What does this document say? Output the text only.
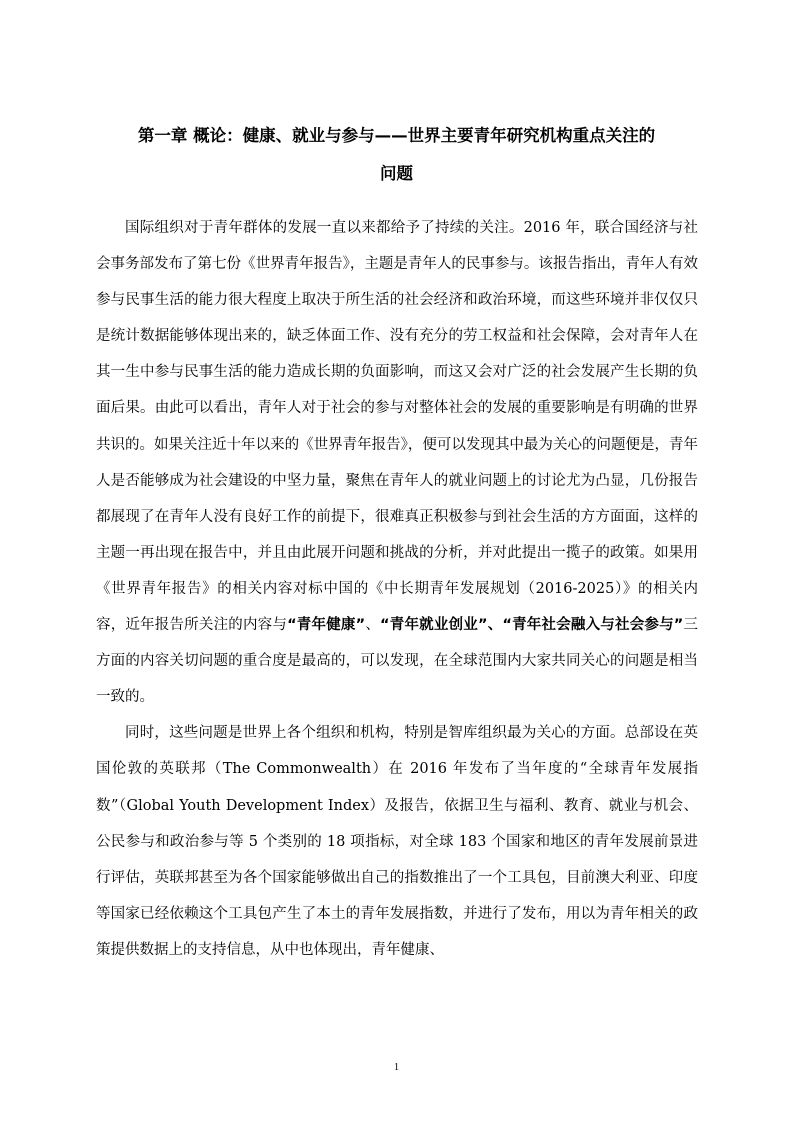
第一章 概论：健康、就业与参与——世界主要青年研究机构重点关注的
问题

国际组织对于青年群体的发展一直以来都给予了持续的关注。2016 年，联合国经济与社会事务部发布了第七份《世界青年报告》，主题是青年人的民事参与。该报告指出，青年人有效参与民事生活的能力很大程度上取决于所生活的社会经济和政治环境，而这些环境并非仅仅只是统计数据能够体现出来的，缺乏体面工作、没有充分的劳工权益和社会保障，会对青年人在其一生中参与民事生活的能力造成长期的负面影响，而这又会对广泛的社会发展产生长期的负面后果。由此可以看出，青年人对于社会的参与对整体社会的发展的重要影响是有明确的世界共识的。如果关注近十年以来的《世界青年报告》，便可以发现其中最为关心的问题便是，青年人是否能够成为社会建设的中坚力量，聚焦在青年人的就业问题上的讨论尤为凸显，几份报告都展现了在青年人没有良好工作的前提下，很难真正积极参与到社会生活的方方面面，这样的主题一再出现在报告中，并且由此展开问题和挑战的分析，并对此提出一揽子的政策。如果用《世界青年报告》的相关内容对标中国的《中长期青年发展规划（2016-2025）》的相关内容，近年报告所关注的内容与“青年健康”、“青年就业创业”、“青年社会融入与社会参与”三方面的内容关切问题的重合度是最高的，可以发现，在全球范围内大家共同关心的问题是相当一致的。

同时，这些问题是世界上各个组织和机构，特别是智库组织最为关心的方面。总部设在英国伦敦的英联邦（The Commonwealth）在 2016 年发布了当年度的“全球青年发展指数”（Global Youth Development Index）及报告，依据卫生与福利、教育、就业与机会、公民参与和政治参与等 5 个类别的 18 项指标，对全球 183 个国家和地区的青年发展前景进行评估，英联邦甚至为各个国家能够做出自己的指数推出了一个工具包，目前澳大利亚、印度等国家已经依赖这个工具包产生了本土的青年发展指数，并进行了发布，用以为青年相关的政策提供数据上的支持信息，从中也体现出，青年健康、

1
